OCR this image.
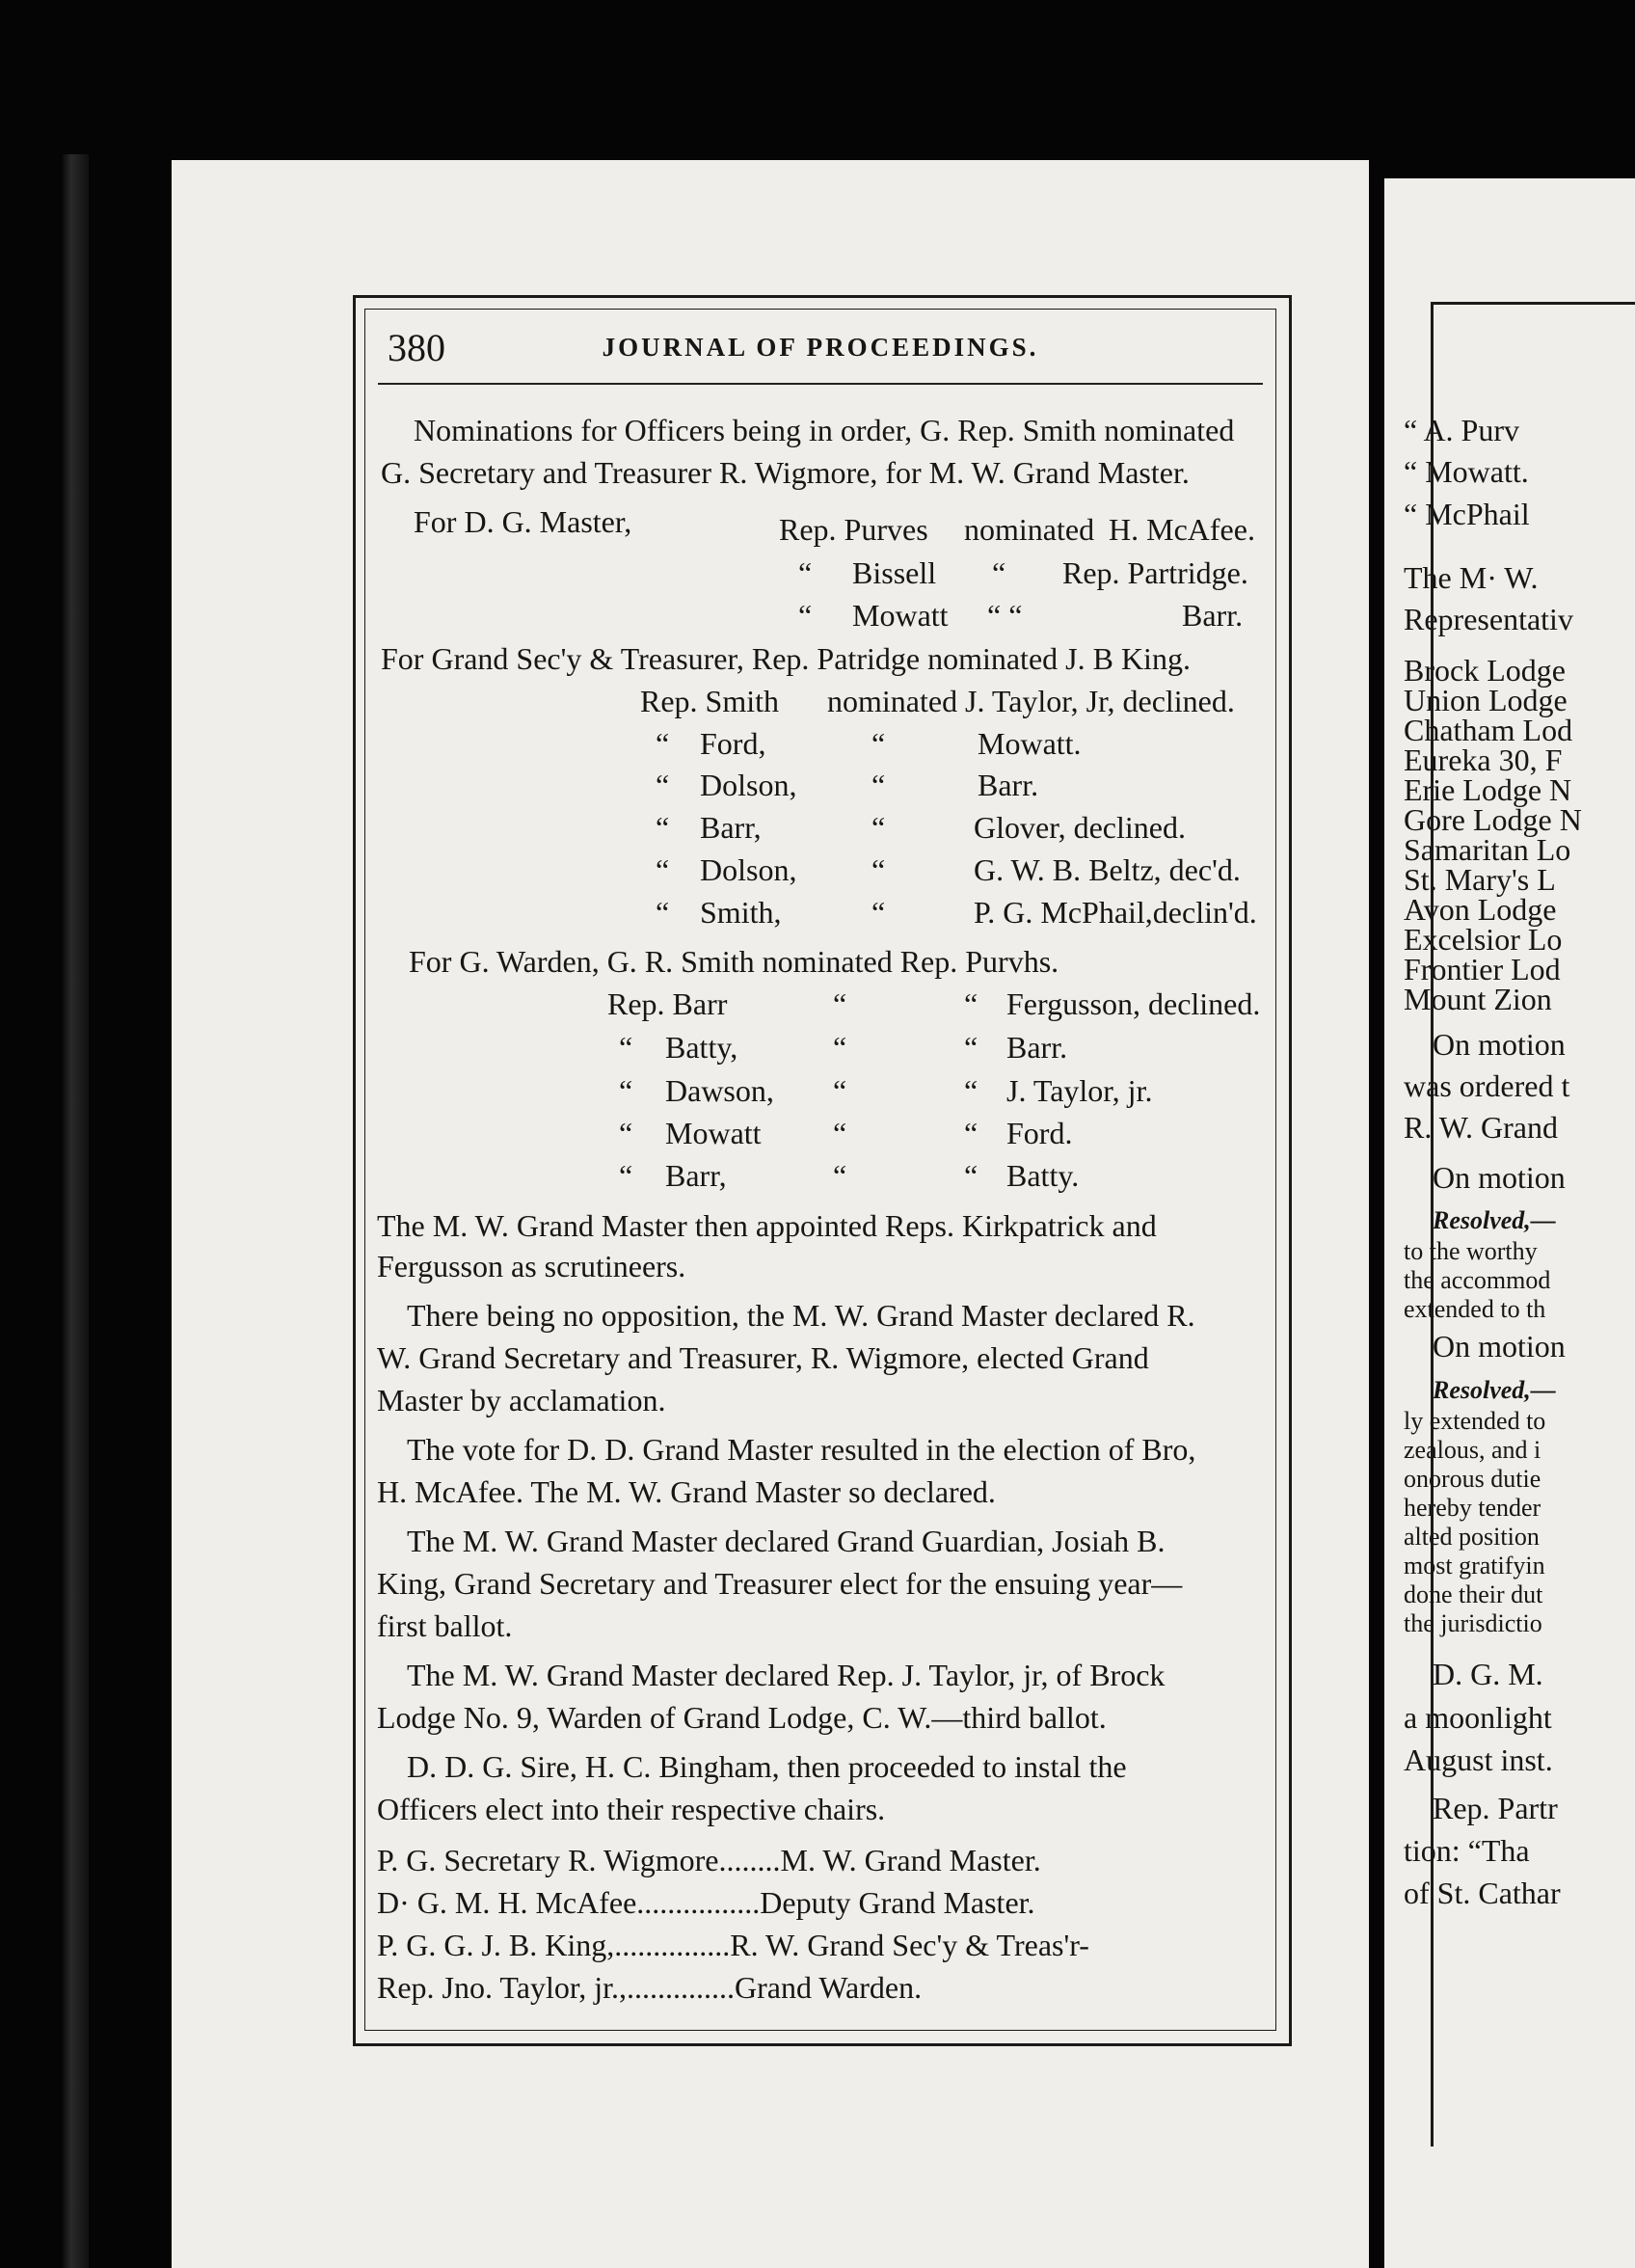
380	JOURNAL OF PROCEEDINGS.
Nominations for Officers being in order, G. Rep. Smith nominated
G. Secretary and Treasurer R. Wigmore, for M. W. Grand Master.
For D. G. Master,	Rep. Purves nominated H. McAfee.
“ Bissell “ Rep. Partridge.
“ Mowatt “ “	Barr.
For Grand Sec'y & Treasurer, Rep. Patridge nominated J. B King.
Rep. Smith nominated J. Taylor, Jr, declined.
“ Ford,	“	Mowatt.
“ Dolson, “	Barr.
“ Barr,	“	Glover, declined.
“ Dolson, “	G. W. B. Beltz, dec'd.
“ Smith,	“	P. G. McPhail,declin'd.
For G. Warden, G. R. Smith nominated Rep. Purvhs.
Rep. Barr	“	“ Fergusson, declined.
“ Batty,	“	“ Barr.
“ Dawson, “	“ J. Taylor, jr.
“ Mowatt “	“ Ford.
“ Barr,	“	“ Batty.
The M. W. Grand Master then appointed Reps. Kirkpatrick and
Fergusson as scrutineers.
There being no opposition, the M. W. Grand Master declared R.
W. Grand Secretary and Treasurer, R. Wigmore, elected Grand
Master by acclamation.
The vote for D. D. Grand Master resulted in the election of Bro,
H. McAfee. The M. W. Grand Master so declared.
The M. W. Grand Master declared Grand Guardian, Josiah B.
King, Grand Secretary and Treasurer elect for the ensuing year—
first ballot.
The M. W. Grand Master declared Rep. J. Taylor, jr, of Brock
Lodge No. 9, Warden of Grand Lodge, C. W.—third ballot.
D. D. G. Sire, H. C. Bingham, then proceeded to instal the
Officers elect into their respective chairs.
P. G. Secretary R. Wigmore........M. W. Grand Master.
D· G. M. H. McAfee................Deputy Grand Master.
P. G. G. J. B. King,...............R. W. Grand Sec'y & Treas'r-
Rep. Jno. Taylor, jr.,..............Grand Warden.
“ A. Purv
“ Mowatt.
“ McPhail
The M· W.
Representativ
Brock Lodge
Union Lodge
Chatham Lod
Eureka 30, F
Erie Lodge N
Gore Lodge N
Samaritan Lo
St. Mary's L
Avon Lodge
Excelsior Lo
Frontier Lod
Mount Zion
On motion
was ordered t
R. W. Grand
On motion
Resolved,—
to the worthy
the accommod
extended to th
On motion
Resolved,—
ly extended to
zealous, and i
onorous dutie
hereby tender
alted position
most gratifyin
done their dut
the jurisdictio
D. G. M.
a moonlight
August inst.
Rep. Partr
tion: “Tha
of St. Cathar
